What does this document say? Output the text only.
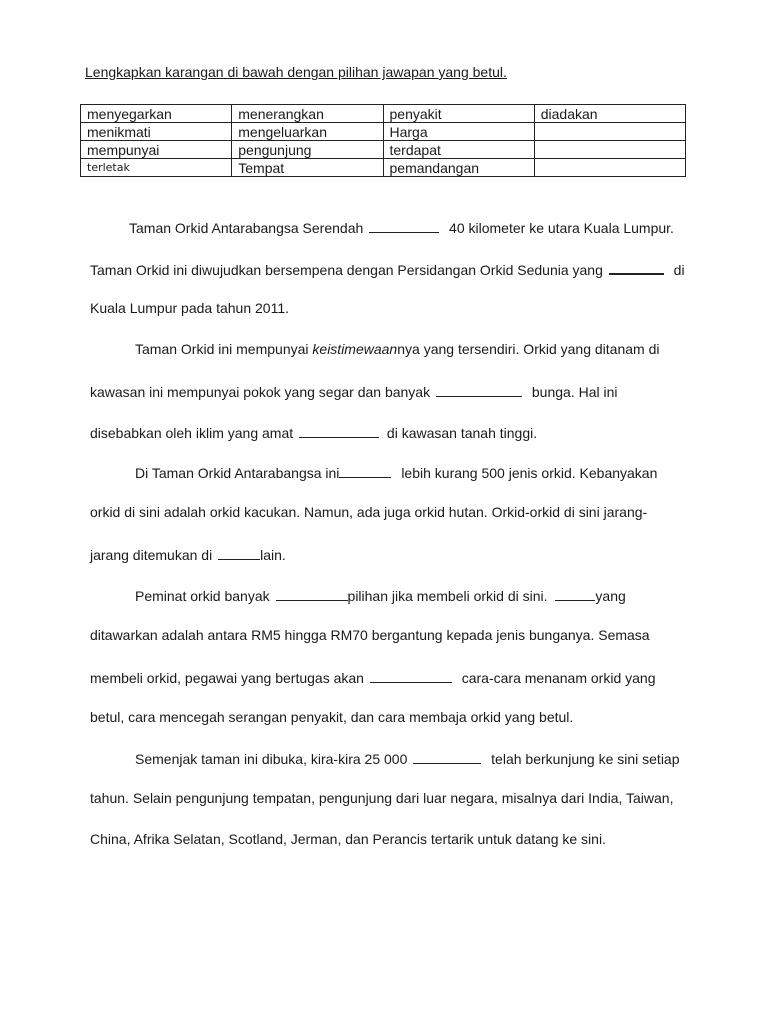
Lengkapkan karangan di bawah dengan pilihan jawapan yang betul.
menyegarkan	menerangkan	penyakit	diadakan
menikmati	mengeluarkan	Harga	
mempunyai	pengunjung	terdapat	
terletak	Tempat	pemandangan	
Taman Orkid Antarabangsa Serendah	40 kilometer ke utara Kuala Lumpur.
Taman Orkid ini diwujudkan bersempena dengan Persidangan Orkid Sedunia yang	di
Kuala Lumpur pada tahun 2011.
Taman Orkid ini mempunyai keistimewaannya yang tersendiri. Orkid yang ditanam di
kawasan ini mempunyai pokok yang segar dan banyak	bunga. Hal ini
disebabkan oleh iklim yang amat	di kawasan tanah tinggi.
Di Taman Orkid Antarabangsa ini	lebih kurang 500 jenis orkid. Kebanyakan
orkid di sini adalah orkid kacukan. Namun, ada juga orkid hutan. Orkid-orkid di sini jarang-
jarang ditemukan di	lain.
Peminat orkid banyak	pilihan jika membeli orkid di sini.	yang
ditawarkan adalah antara RM5 hingga RM70 bergantung kepada jenis bunganya. Semasa
membeli orkid, pegawai yang bertugas akan	cara-cara menanam orkid yang
betul, cara mencegah serangan penyakit, dan cara membaja orkid yang betul.
Semenjak taman ini dibuka, kira-kira 25 000	telah berkunjung ke sini setiap
tahun. Selain pengunjung tempatan, pengunjung dari luar negara, misalnya dari India, Taiwan,
China, Afrika Selatan, Scotland, Jerman, dan Perancis tertarik untuk datang ke sini.
